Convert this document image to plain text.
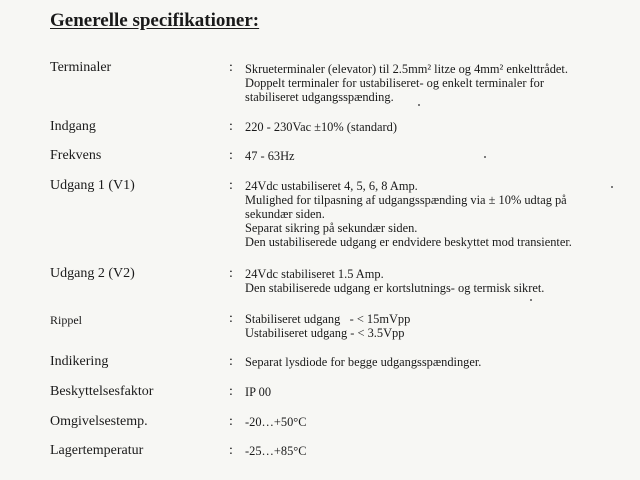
Generelle specifikationer:
Terminaler	: Skrueterminaler (elevator) til 2.5mm² litze og 4mm² enkelttrådet.
Doppelt terminaler for ustabiliseret- og enkelt terminaler for
stabiliseret udgangsspænding.
Indgang	: 220 - 230Vac ±10% (standard)
Frekvens	: 47 - 63Hz
Udgang 1 (V1)	: 24Vdc ustabiliseret 4, 5, 6, 8 Amp.
Mulighed for tilpasning af udgangsspænding via ± 10% udtag på
sekundær siden.
Separat sikring på sekundær siden.
Den ustabiliserede udgang er endvidere beskyttet mod transienter.
Udgang 2 (V2)	: 24Vdc stabiliseret 1.5 Amp.
Den stabiliserede udgang er kortslutnings- og termisk sikret.
Rippel	: Stabiliseret udgang   - < 15mVpp
Ustabiliseret udgang - < 3.5Vpp
Indikering	: Separat lysdiode for begge udgangsspændinger.
Beskyttelsesfaktor	: IP 00
Omgivelsestemp.	: -20…+50°C
Lagertemperatur	: -25…+85°C
